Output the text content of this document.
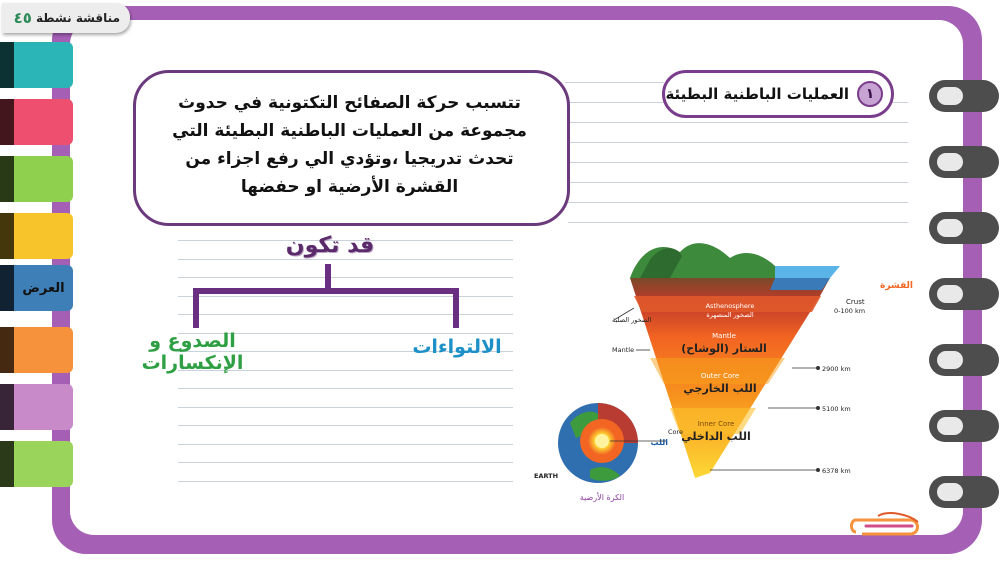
٤٥ مناقشة نشطة
العرض
العمليات الباطنية البطيئة	١

تتسبب حركة الصفائح التكتونية في حدوث مجموعة من العمليات الباطنية البطيئة التي تحدث تدريجيا ،وتؤدي الي رفع اجزاء من القشرة الأرضية او حفضها

قد تكون
الالتواءات
الصدوع و الإنكسارات
Asthenosphere
الصخور المنصهرة
Mantle
الستار (الوشاح)
Outer Core
اللب الخارجي
Inner Core
اللب الداخلي
القشرة
Crust
0-100 km
2900 km
5100 km
6378 km
الصخور الصلبة
Mantle
Core
اللب
EARTH
الكرة الأرضية
